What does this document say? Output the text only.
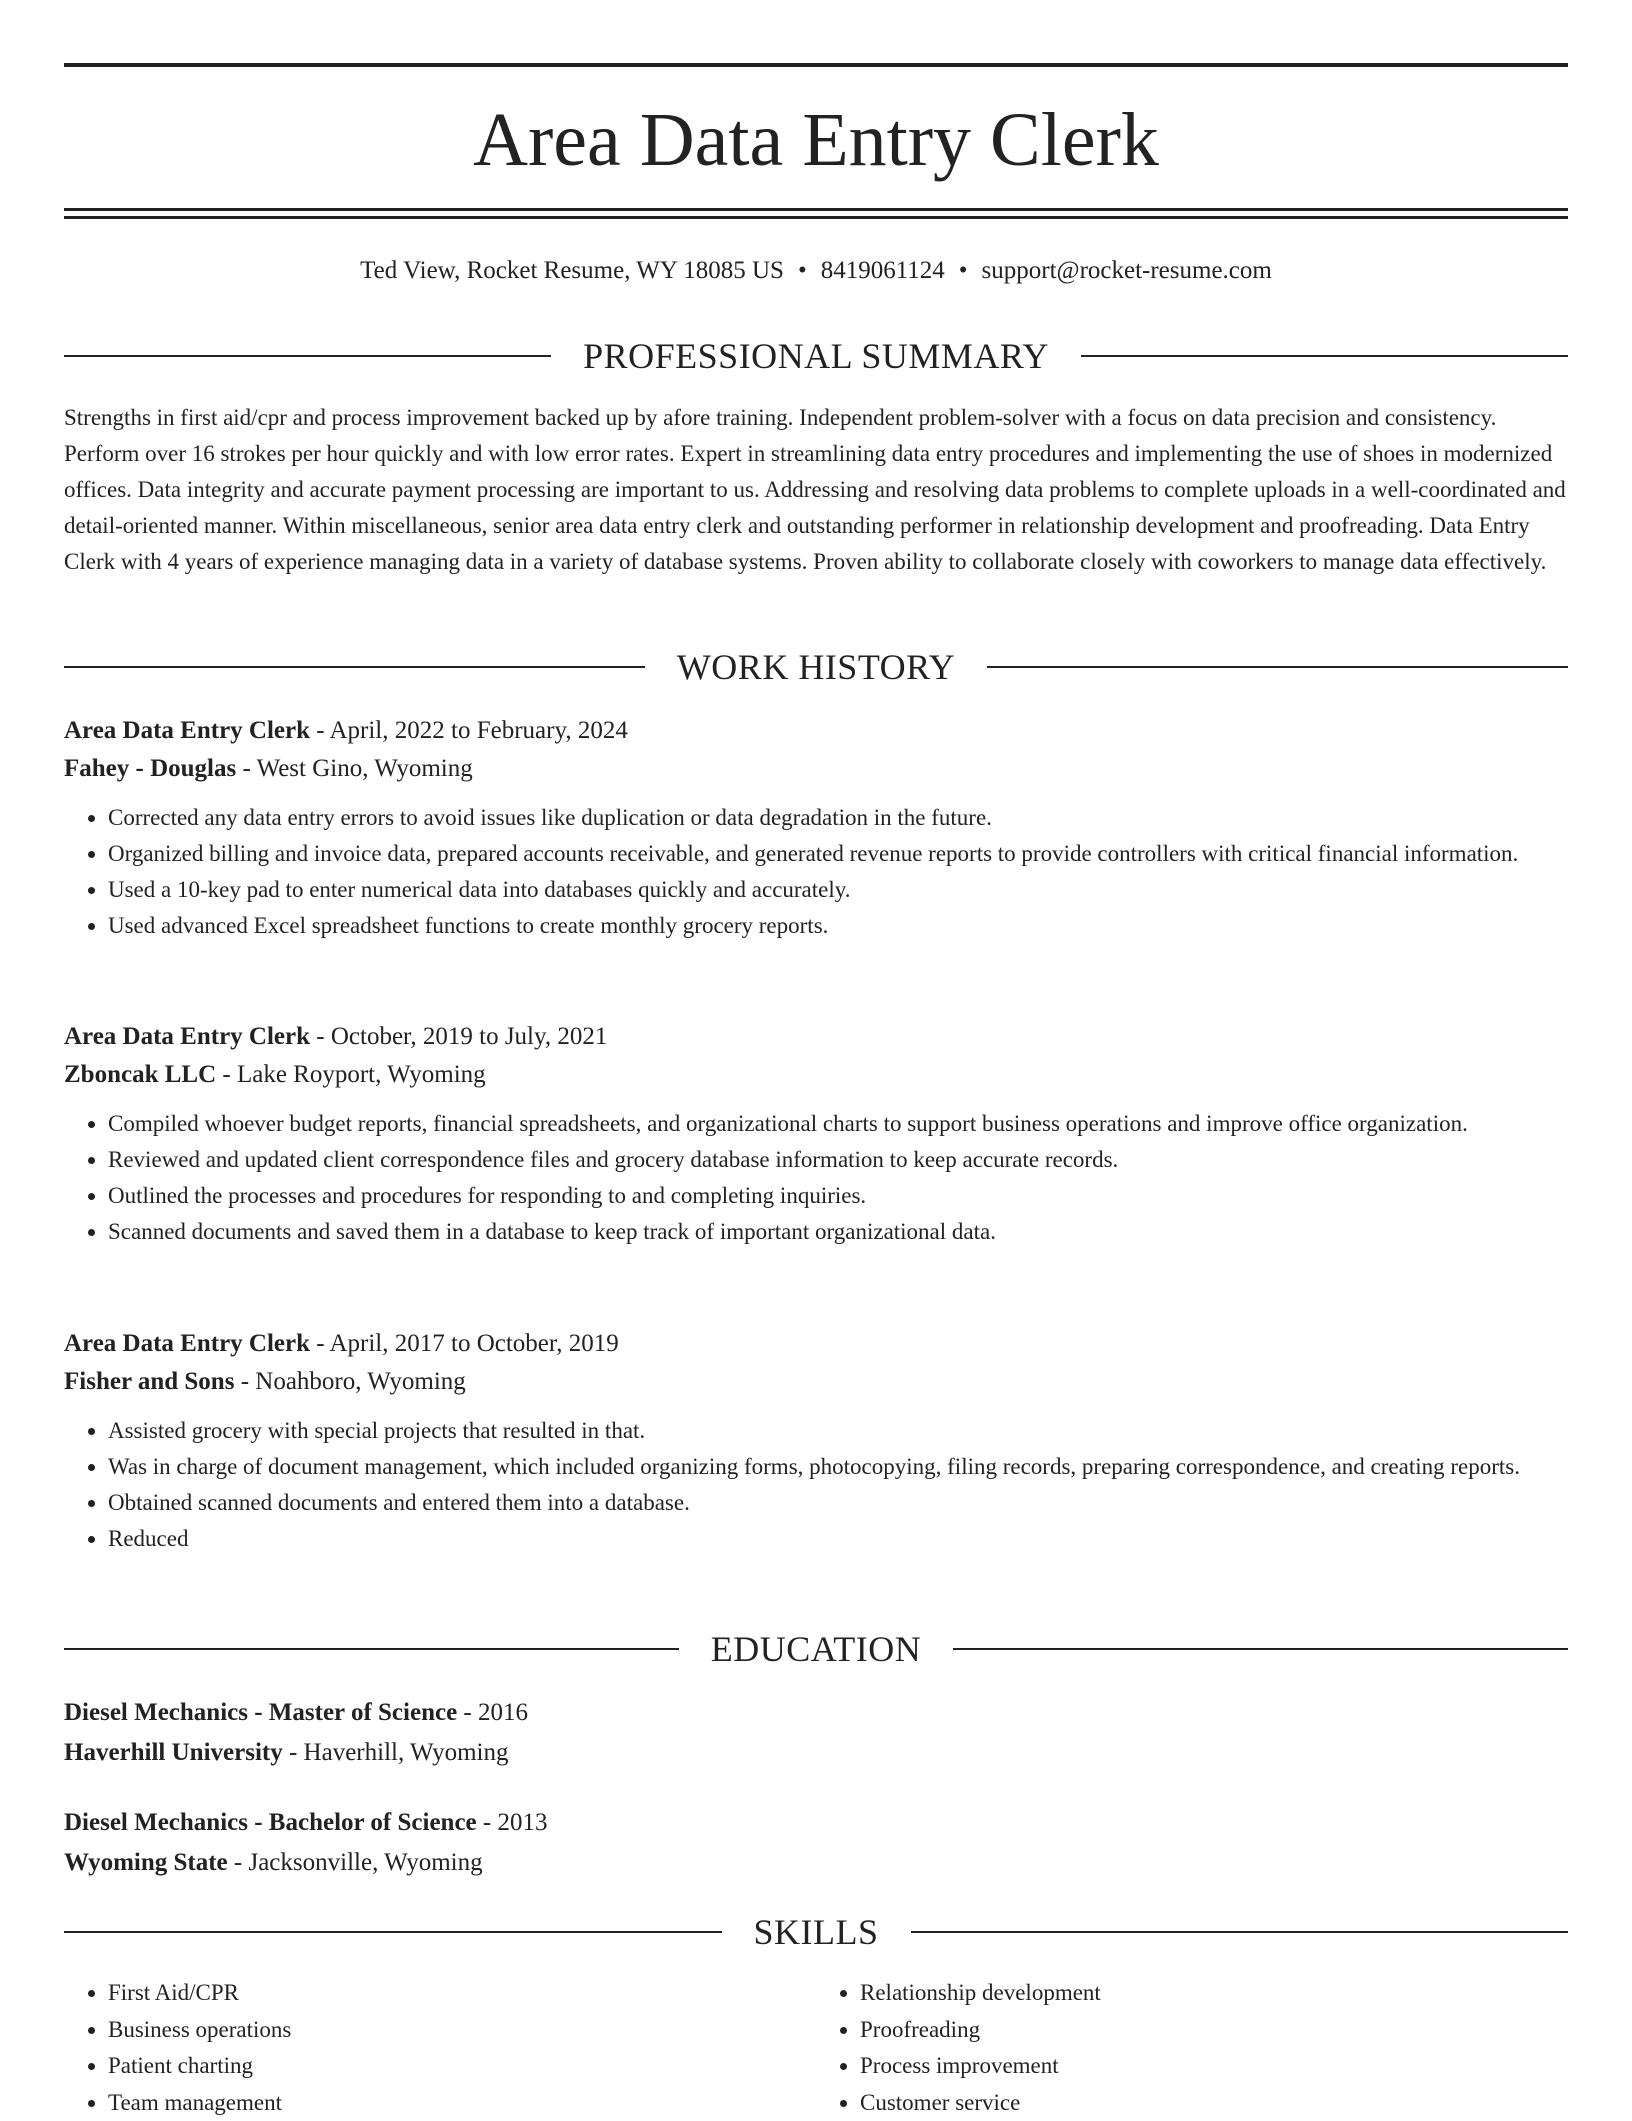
Area Data Entry Clerk
Ted View, Rocket Resume, WY 18085 US • 8419061124 • support@rocket-resume.com
PROFESSIONAL SUMMARY

Strengths in first aid/cpr and process improvement backed up by afore training. Independent problem-solver with a focus on data precision and consistency. Perform over 16 strokes per hour quickly and with low error rates. Expert in streamlining data entry procedures and implementing the use of shoes in modernized offices. Data integrity and accurate payment processing are important to us. Addressing and resolving data problems to complete uploads in a well-coordinated and detail-oriented manner. Within miscellaneous, senior area data entry clerk and outstanding performer in relationship development and proofreading. Data Entry Clerk with 4 years of experience managing data in a variety of database systems. Proven ability to collaborate closely with coworkers to manage data effectively.

WORK HISTORY
Area Data Entry Clerk - April, 2022 to February, 2024
Fahey - Douglas - West Gino, Wyoming
• Corrected any data entry errors to avoid issues like duplication or data degradation in the future.
• Organized billing and invoice data, prepared accounts receivable, and generated revenue reports to provide controllers with critical financial information.
• Used a 10-key pad to enter numerical data into databases quickly and accurately.
• Used advanced Excel spreadsheet functions to create monthly grocery reports.
Area Data Entry Clerk - October, 2019 to July, 2021
Zboncak LLC - Lake Royport, Wyoming
• Compiled whoever budget reports, financial spreadsheets, and organizational charts to support business operations and improve office organization.
• Reviewed and updated client correspondence files and grocery database information to keep accurate records.
• Outlined the processes and procedures for responding to and completing inquiries.
• Scanned documents and saved them in a database to keep track of important organizational data.
Area Data Entry Clerk - April, 2017 to October, 2019
Fisher and Sons - Noahboro, Wyoming
• Assisted grocery with special projects that resulted in that.
• Was in charge of document management, which included organizing forms, photocopying, filing records, preparing correspondence, and creating reports.
• Obtained scanned documents and entered them into a database.
• Reduced
EDUCATION
Diesel Mechanics - Master of Science - 2016
Haverhill University - Haverhill, Wyoming
Diesel Mechanics - Bachelor of Science - 2013
Wyoming State - Jacksonville, Wyoming
SKILLS
• First Aid/CPR
• Business operations
• Patient charting
• Team management
• Relationship development
• Proofreading
• Process improvement
• Customer service
